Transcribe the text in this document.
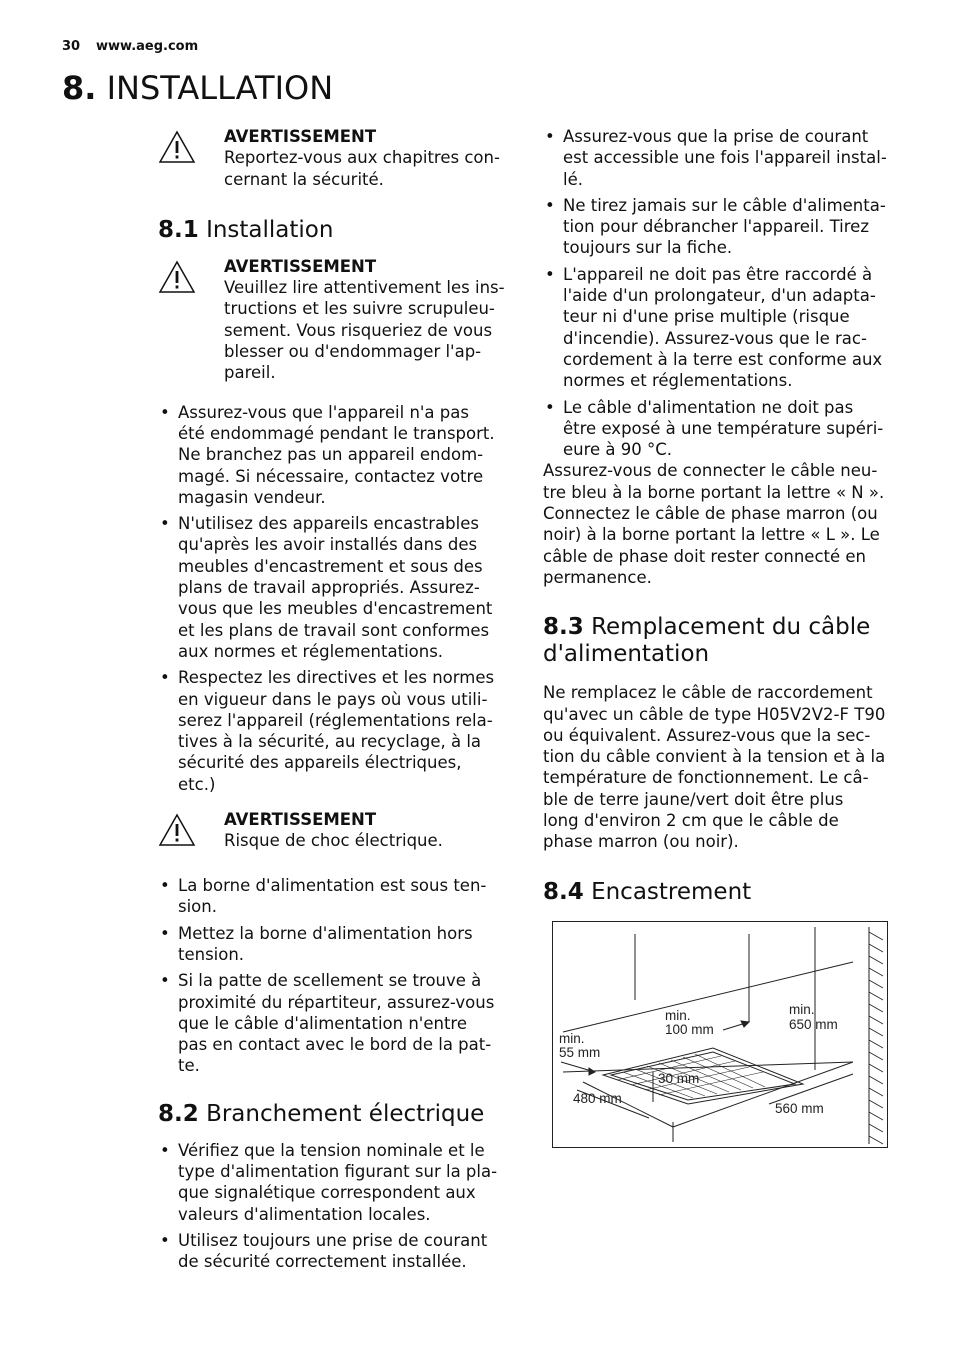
30 www.aeg.com
8. INSTALLATION
AVERTISSEMENT
Reportez-vous aux chapitres con-
cernant la sécurité.
8.1 Installation
AVERTISSEMENT
Veuillez lire attentivement les ins-
tructions et les suivre scrupuleu-
sement. Vous risqueriez de vous
blesser ou d'endommager l'ap-
pareil.
• Assurez-vous que l'appareil n'a pas
été endommagé pendant le transport.
Ne branchez pas un appareil endom-
magé. Si nécessaire, contactez votre
magasin vendeur.
• N'utilisez des appareils encastrables
qu'après les avoir installés dans des
meubles d'encastrement et sous des
plans de travail appropriés. Assurez-
vous que les meubles d'encastrement
et les plans de travail sont conformes
aux normes et réglementations.
• Respectez les directives et les normes
en vigueur dans le pays où vous utili-
serez l'appareil (réglementations rela-
tives à la sécurité, au recyclage, à la
sécurité des appareils électriques,
etc.)
AVERTISSEMENT
Risque de choc électrique.
• La borne d'alimentation est sous ten-
sion.
• Mettez la borne d'alimentation hors
tension.
• Si la patte de scellement se trouve à
proximité du répartiteur, assurez-vous
que le câble d'alimentation n'entre
pas en contact avec le bord de la pat-
te.
8.2 Branchement électrique
• Vérifiez que la tension nominale et le
type d'alimentation figurant sur la pla-
que signalétique correspondent aux
valeurs d'alimentation locales.
• Utilisez toujours une prise de courant
de sécurité correctement installée.
• Assurez-vous que la prise de courant
est accessible une fois l'appareil instal-
lé.
• Ne tirez jamais sur le câble d'alimenta-
tion pour débrancher l'appareil. Tirez
toujours sur la fiche.
• L'appareil ne doit pas être raccordé à
l'aide d'un prolongateur, d'un adapta-
teur ni d'une prise multiple (risque
d'incendie). Assurez-vous que le rac-
cordement à la terre est conforme aux
normes et réglementations.
• Le câble d'alimentation ne doit pas
être exposé à une température supéri-
eure à 90 °C.
Assurez-vous de connecter le câble neu-
tre bleu à la borne portant la lettre « N ».
Connectez le câble de phase marron (ou
noir) à la borne portant la lettre « L ». Le
câble de phase doit rester connecté en
permanence.
8.3 Remplacement du câble
d'alimentation
Ne remplacez le câble de raccordement
qu'avec un câble de type H05V2V2-F T90
ou équivalent. Assurez-vous que la sec-
tion du câble convient à la tension et à la
température de fonctionnement. Le câ-
ble de terre jaune/vert doit être plus
long d'environ 2 cm que le câble de
phase marron (ou noir).
8.4 Encastrement
min.
100 mm
min.
650 mm
min.
55 mm
30 mm
480 mm
560 mm
